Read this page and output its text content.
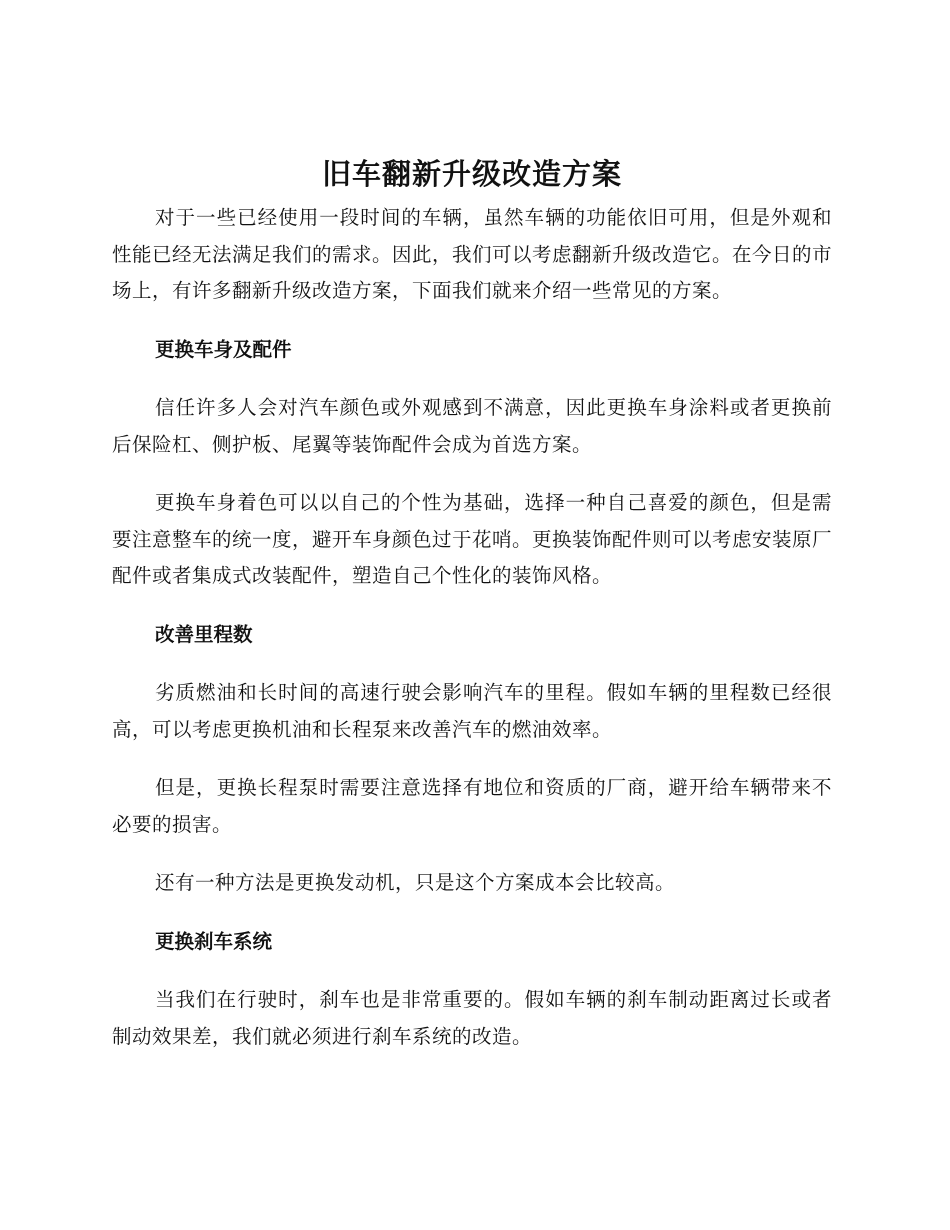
旧车翻新升级改造方案

对于一些已经使用一段时间的车辆，虽然车辆的功能依旧可用，但是外观和性能已经无法满足我们的需求。因此，我们可以考虑翻新升级改造它。在今日的市场上，有许多翻新升级改造方案，下面我们就来介绍一些常见的方案。

更换车身及配件

信任许多人会对汽车颜色或外观感到不满意，因此更换车身涂料或者更换前后保险杠、侧护板、尾翼等装饰配件会成为首选方案。

更换车身着色可以以自己的个性为基础，选择一种自己喜爱的颜色，但是需要注意整车的统一度，避开车身颜色过于花哨。更换装饰配件则可以考虑安装原厂配件或者集成式改装配件，塑造自己个性化的装饰风格。

改善里程数

劣质燃油和长时间的高速行驶会影响汽车的里程。假如车辆的里程数已经很高，可以考虑更换机油和长程泵来改善汽车的燃油效率。

但是，更换长程泵时需要注意选择有地位和资质的厂商，避开给车辆带来不必要的损害。

还有一种方法是更换发动机，只是这个方案成本会比较高。

更换刹车系统

当我们在行驶时，刹车也是非常重要的。假如车辆的刹车制动距离过长或者制动效果差，我们就必须进行刹车系统的改造。
